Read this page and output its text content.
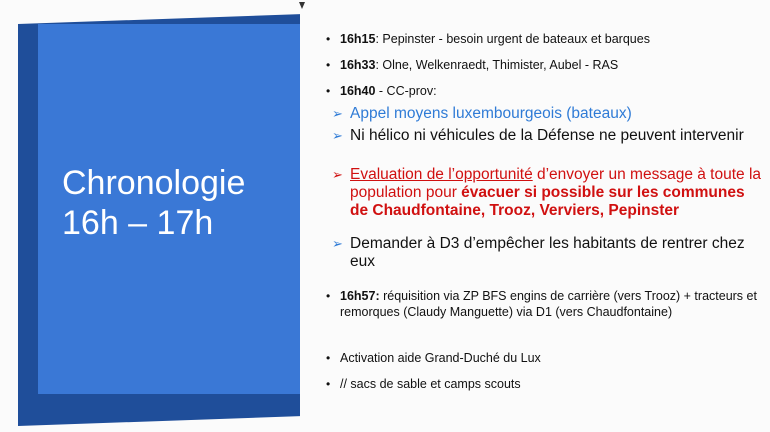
Chronologie
16h – 17h
• 16h15: Pepinster - besoin urgent de bateaux et barques
• 16h33: Olne, Welkenraedt, Thimister, Aubel - RAS
• 16h40 - CC-prov:
➢ Appel moyens luxembourgeois (bateaux)
➢ Ni hélico ni véhicules de la Défense ne peuvent intervenir
➢ Evaluation de l’opportunité d’envoyer un message à toute la population pour évacuer si possible sur les communes de Chaudfontaine, Trooz, Verviers, Pepinster
➢ Demander à D3 d’empêcher les habitants de rentrer chez eux
• 16h57: réquisition via ZP BFS engins de carrière (vers Trooz) + tracteurs et remorques (Claudy Manguette) via D1 (vers Chaudfontaine)
• Activation aide Grand-Duché du Lux
• // sacs de sable et camps scouts
